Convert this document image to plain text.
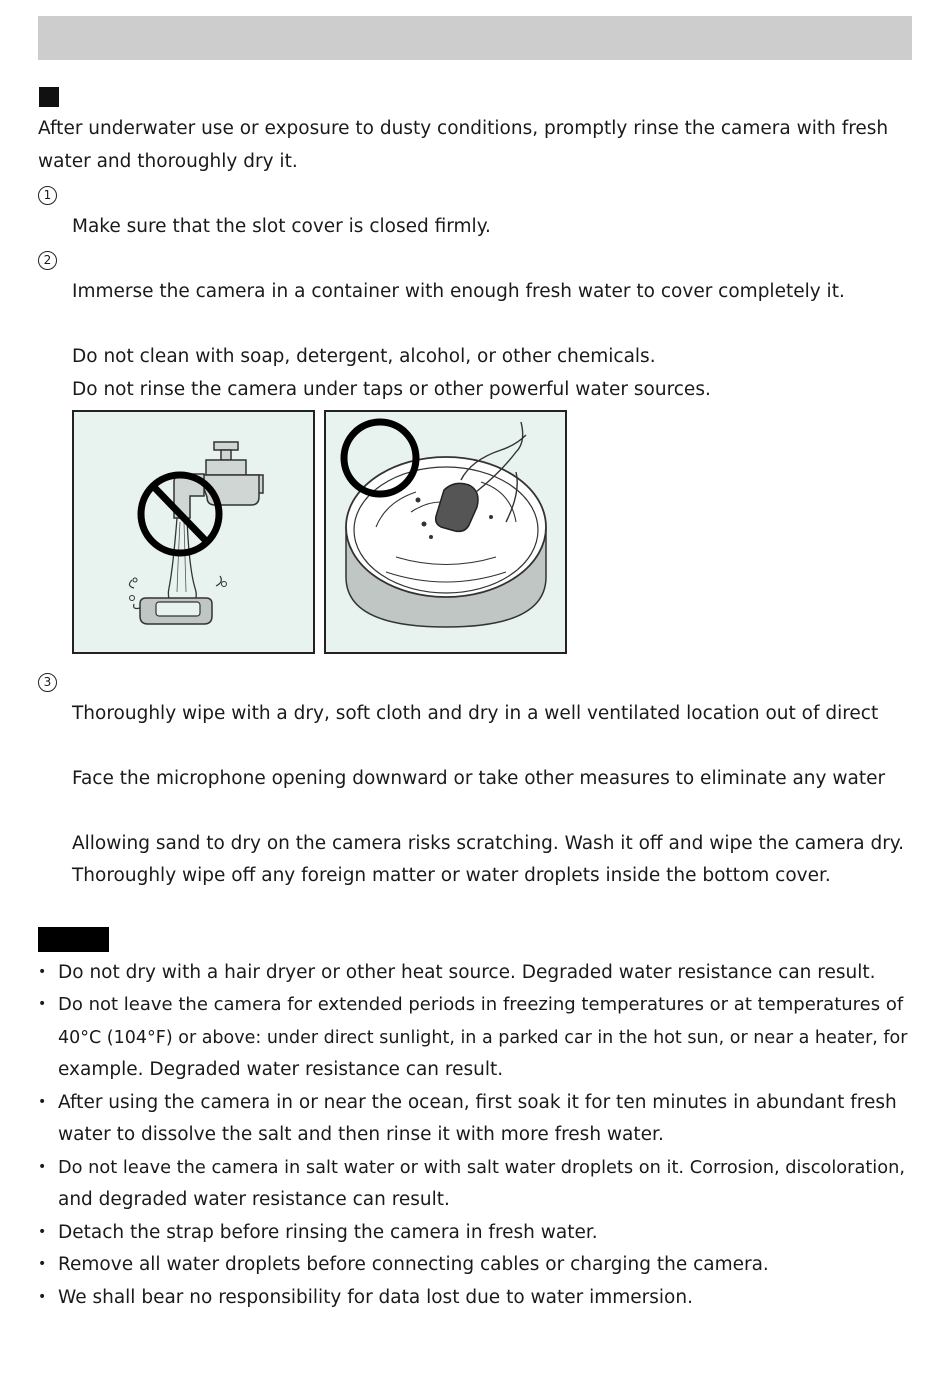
After underwater use or exposure to dusty conditions, promptly rinse the camera with fresh
water and thoroughly dry it.
1
Make sure that the slot cover is closed firmly.
2
Immerse the camera in a container with enough fresh water to cover completely it.
Do not clean with soap, detergent, alcohol, or other chemicals.
Do not rinse the camera under taps or other powerful water sources.
3
Thoroughly wipe with a dry, soft cloth and dry in a well ventilated location out of direct
Face the microphone opening downward or take other measures to eliminate any water
Allowing sand to dry on the camera risks scratching. Wash it off and wipe the camera dry.
Thoroughly wipe off any foreign matter or water droplets inside the bottom cover.
• Do not dry with a hair dryer or other heat source. Degraded water resistance can result.
• Do not leave the camera for extended periods in freezing temperatures or at temperatures of
40°C (104°F) or above: under direct sunlight, in a parked car in the hot sun, or near a heater, for
example. Degraded water resistance can result.
• After using the camera in or near the ocean, first soak it for ten minutes in abundant fresh
water to dissolve the salt and then rinse it with more fresh water.
• Do not leave the camera in salt water or with salt water droplets on it. Corrosion, discoloration,
and degraded water resistance can result.
• Detach the strap before rinsing the camera in fresh water.
• Remove all water droplets before connecting cables or charging the camera.
• We shall bear no responsibility for data lost due to water immersion.
